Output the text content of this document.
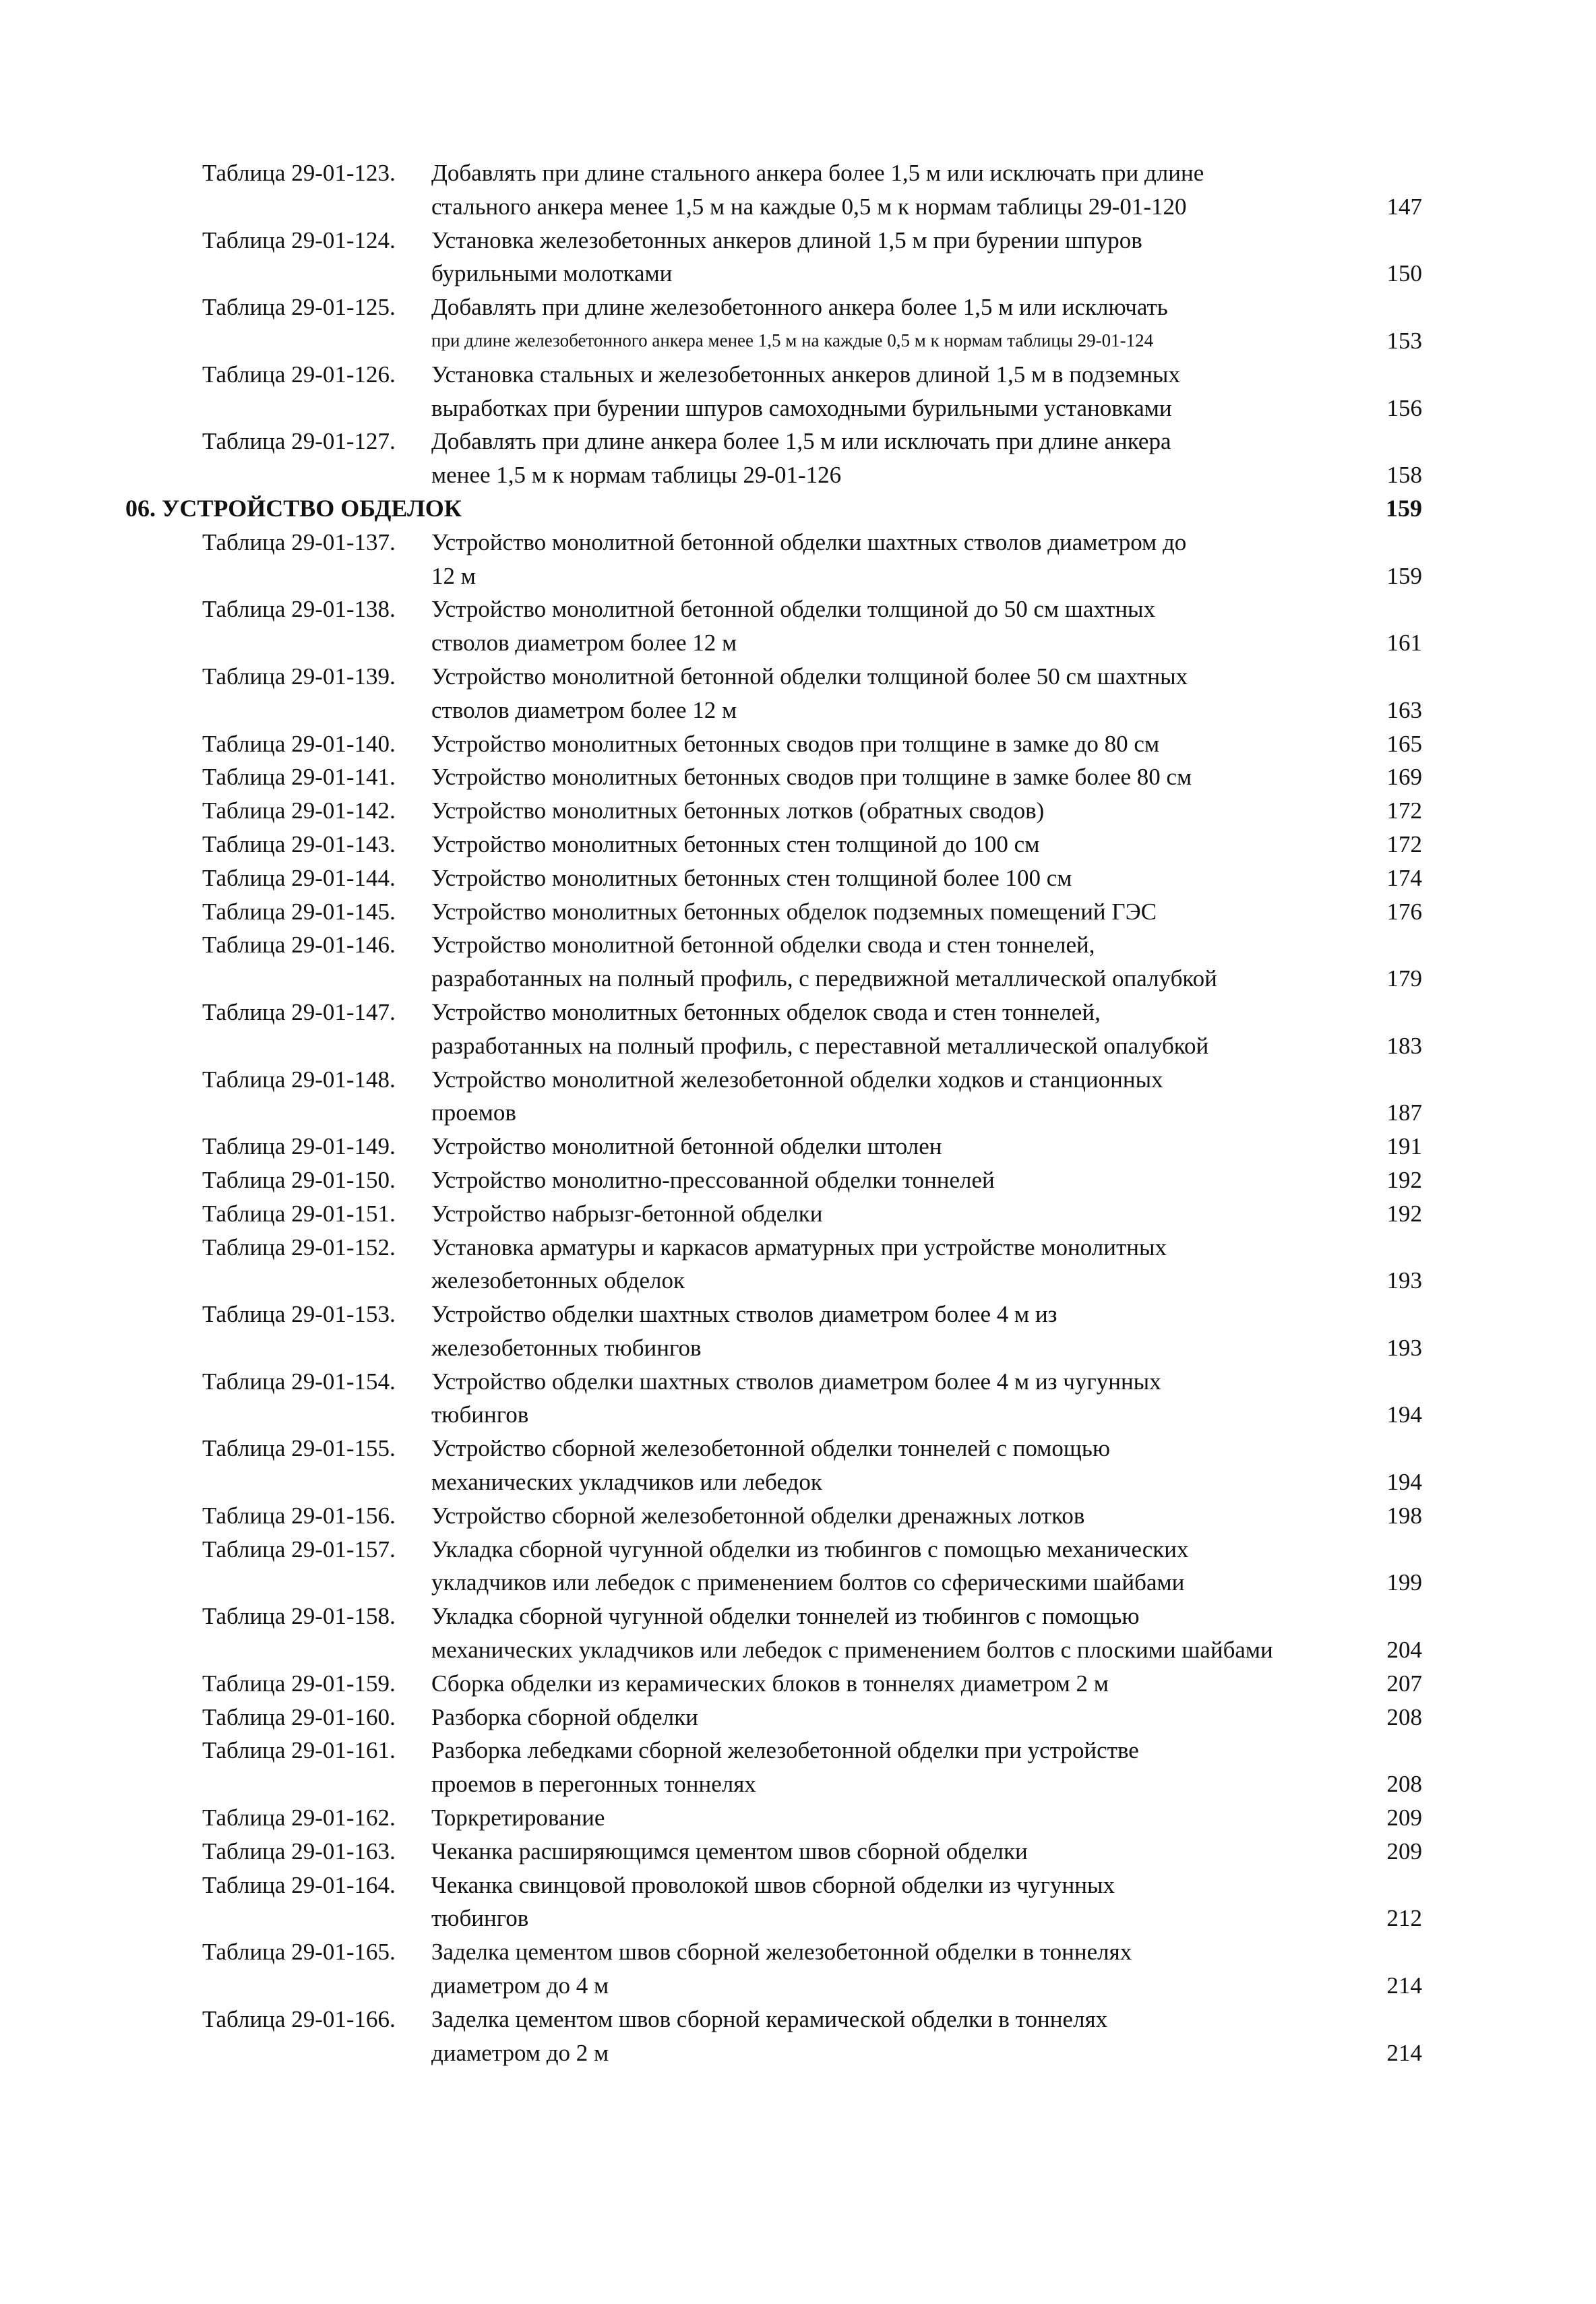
Таблица 29-01-123. Добавлять при длине стального анкера более 1,5 м или исключать при длине
стального анкера менее 1,5 м на каждые 0,5 м к нормам таблицы 29-01-120	147
Таблица 29-01-124. Установка железобетонных анкеров длиной 1,5 м при бурении шпуров
бурильными молотками	150
Таблица 29-01-125. Добавлять при длине железобетонного анкера более 1,5 м или исключать
при длине железобетонного анкера менее 1,5 м на каждые 0,5 м к нормам таблицы 29-01-124	153
Таблица 29-01-126. Установка стальных и железобетонных анкеров длиной 1,5 м в подземных
выработках при бурении шпуров самоходными бурильными установками	156
Таблица 29-01-127. Добавлять при длине анкера более 1,5 м или исключать при длине анкера
менее 1,5 м к нормам таблицы 29-01-126	158
06. УСТРОЙСТВО ОБДЕЛОК	159
Таблица 29-01-137. Устройство монолитной бетонной обделки шахтных стволов диаметром до
12 м	159
Таблица 29-01-138. Устройство монолитной бетонной обделки толщиной до 50 см шахтных
стволов диаметром более 12 м	161
Таблица 29-01-139. Устройство монолитной бетонной обделки толщиной более 50 см шахтных
стволов диаметром более 12 м	163
Таблица 29-01-140. Устройство монолитных бетонных сводов при толщине в замке до 80 см	165
Таблица 29-01-141. Устройство монолитных бетонных сводов при толщине в замке более 80 см	169
Таблица 29-01-142. Устройство монолитных бетонных лотков (обратных сводов)	172
Таблица 29-01-143. Устройство монолитных бетонных стен толщиной до 100 см	172
Таблица 29-01-144. Устройство монолитных бетонных стен толщиной более 100 см	174
Таблица 29-01-145. Устройство монолитных бетонных обделок подземных помещений ГЭС	176
Таблица 29-01-146. Устройство монолитной бетонной обделки свода и стен тоннелей,
разработанных на полный профиль, с передвижной металлической опалубкой	179
Таблица 29-01-147. Устройство монолитных бетонных обделок свода и стен тоннелей,
разработанных на полный профиль, с переставной металлической опалубкой	183
Таблица 29-01-148. Устройство монолитной железобетонной обделки ходков и станционных
проемов	187
Таблица 29-01-149. Устройство монолитной бетонной обделки штолен	191
Таблица 29-01-150. Устройство монолитно-прессованной обделки тоннелей	192
Таблица 29-01-151. Устройство набрызг-бетонной обделки	192
Таблица 29-01-152. Установка арматуры и каркасов арматурных при устройстве монолитных
железобетонных обделок	193
Таблица 29-01-153. Устройство обделки шахтных стволов диаметром более 4 м из
железобетонных тюбингов	193
Таблица 29-01-154. Устройство обделки шахтных стволов диаметром более 4 м из чугунных
тюбингов	194
Таблица 29-01-155. Устройство сборной железобетонной обделки тоннелей с помощью
механических укладчиков или лебедок	194
Таблица 29-01-156. Устройство сборной железобетонной обделки дренажных лотков	198
Таблица 29-01-157. Укладка сборной чугунной обделки из тюбингов с помощью механических
укладчиков или лебедок с применением болтов со сферическими шайбами	199
Таблица 29-01-158. Укладка сборной чугунной обделки тоннелей из тюбингов с помощью
механических укладчиков или лебедок с применением болтов с плоскими шайбами	204
Таблица 29-01-159. Сборка обделки из керамических блоков в тоннелях диаметром 2 м	207
Таблица 29-01-160. Разборка сборной обделки	208
Таблица 29-01-161. Разборка лебедками сборной железобетонной обделки при устройстве
проемов в перегонных тоннелях	208
Таблица 29-01-162. Торкретирование	209
Таблица 29-01-163. Чеканка расширяющимся цементом швов сборной обделки	209
Таблица 29-01-164. Чеканка свинцовой проволокой швов сборной обделки из чугунных
тюбингов	212
Таблица 29-01-165. Заделка цементом швов сборной железобетонной обделки в тоннелях
диаметром до 4 м	214
Таблица 29-01-166. Заделка цементом швов сборной керамической обделки в тоннелях
диаметром до 2 м	214
